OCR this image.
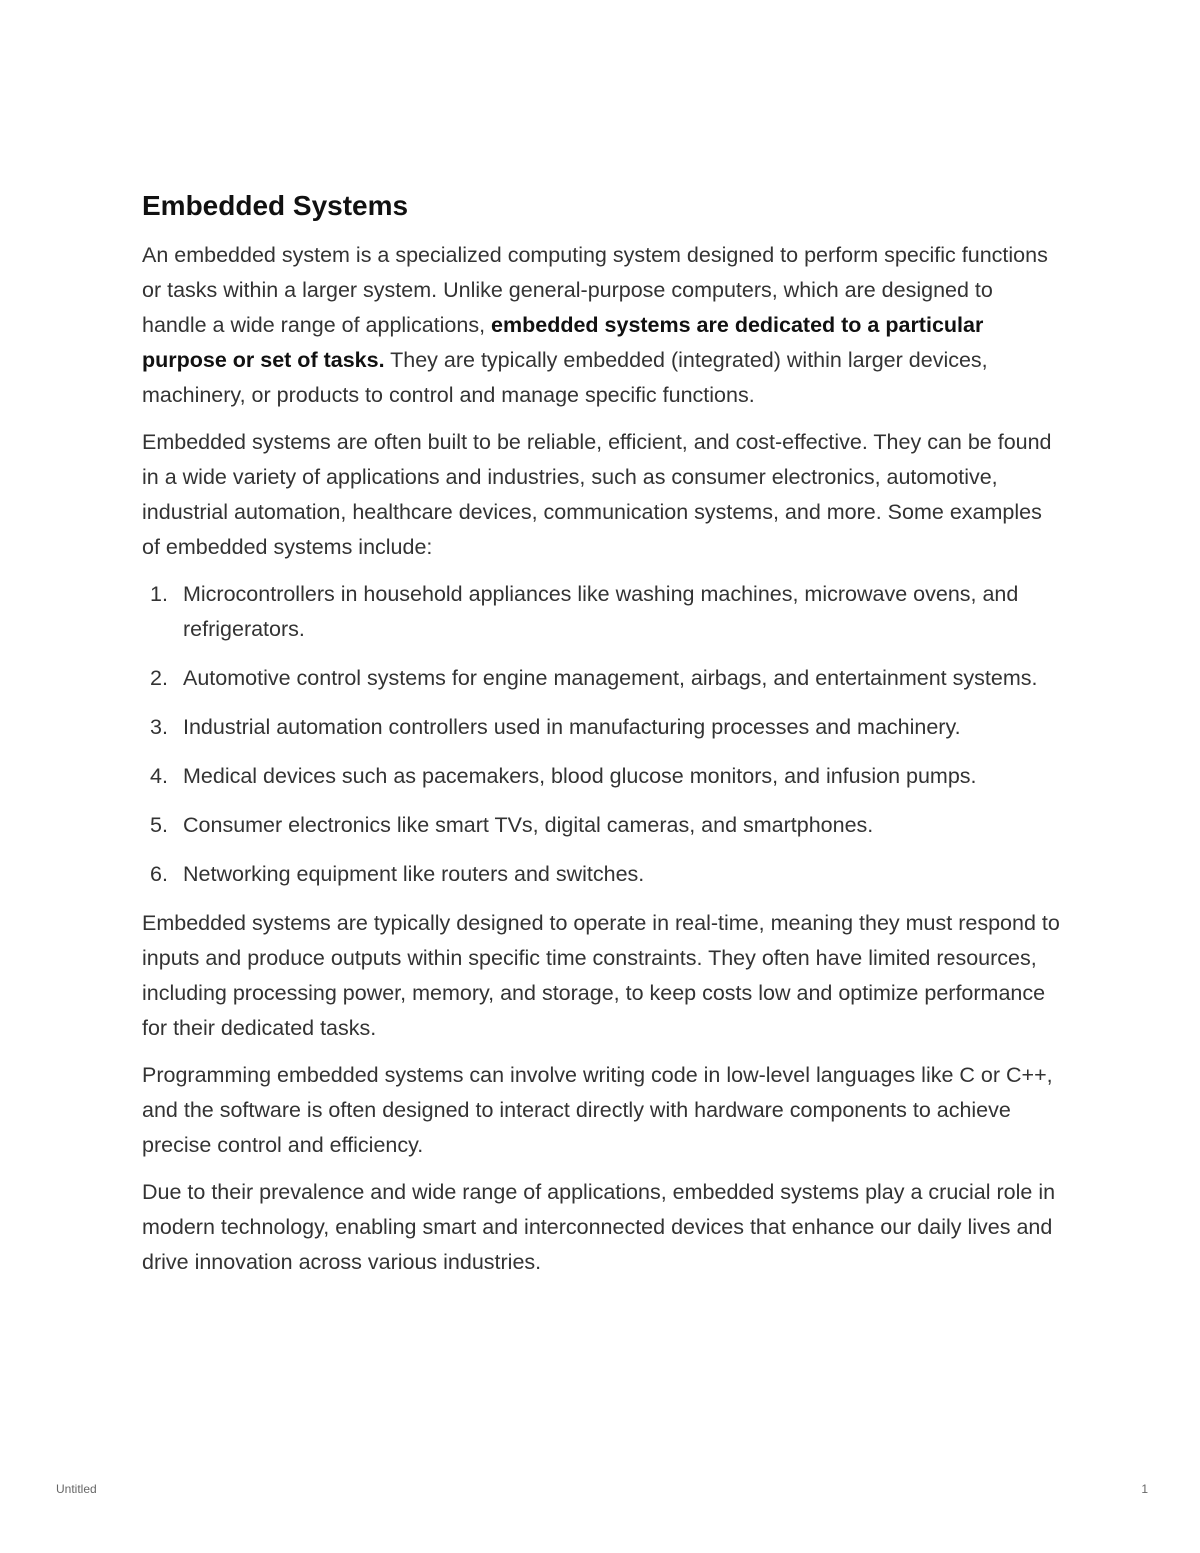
Embedded Systems

An embedded system is a specialized computing system designed to perform specific functions or tasks within a larger system. Unlike general-purpose computers, which are designed to handle a wide range of applications, embedded systems are dedicated to a particular purpose or set of tasks. They are typically embedded (integrated) within larger devices, machinery, or products to control and manage specific functions.

Embedded systems are often built to be reliable, efficient, and cost-effective. They can be found in a wide variety of applications and industries, such as consumer electronics, automotive, industrial automation, healthcare devices, communication systems, and more. Some examples of embedded systems include:

1. Microcontrollers in household appliances like washing machines, microwave ovens, and refrigerators.
2. Automotive control systems for engine management, airbags, and entertainment systems.
3. Industrial automation controllers used in manufacturing processes and machinery.
4. Medical devices such as pacemakers, blood glucose monitors, and infusion pumps.
5. Consumer electronics like smart TVs, digital cameras, and smartphones.
6. Networking equipment like routers and switches.

Embedded systems are typically designed to operate in real-time, meaning they must respond to inputs and produce outputs within specific time constraints. They often have limited resources, including processing power, memory, and storage, to keep costs low and optimize performance for their dedicated tasks.

Programming embedded systems can involve writing code in low-level languages like C or C++, and the software is often designed to interact directly with hardware components to achieve precise control and efficiency.

Due to their prevalence and wide range of applications, embedded systems play a crucial role in modern technology, enabling smart and interconnected devices that enhance our daily lives and drive innovation across various industries.

Untitled	1
